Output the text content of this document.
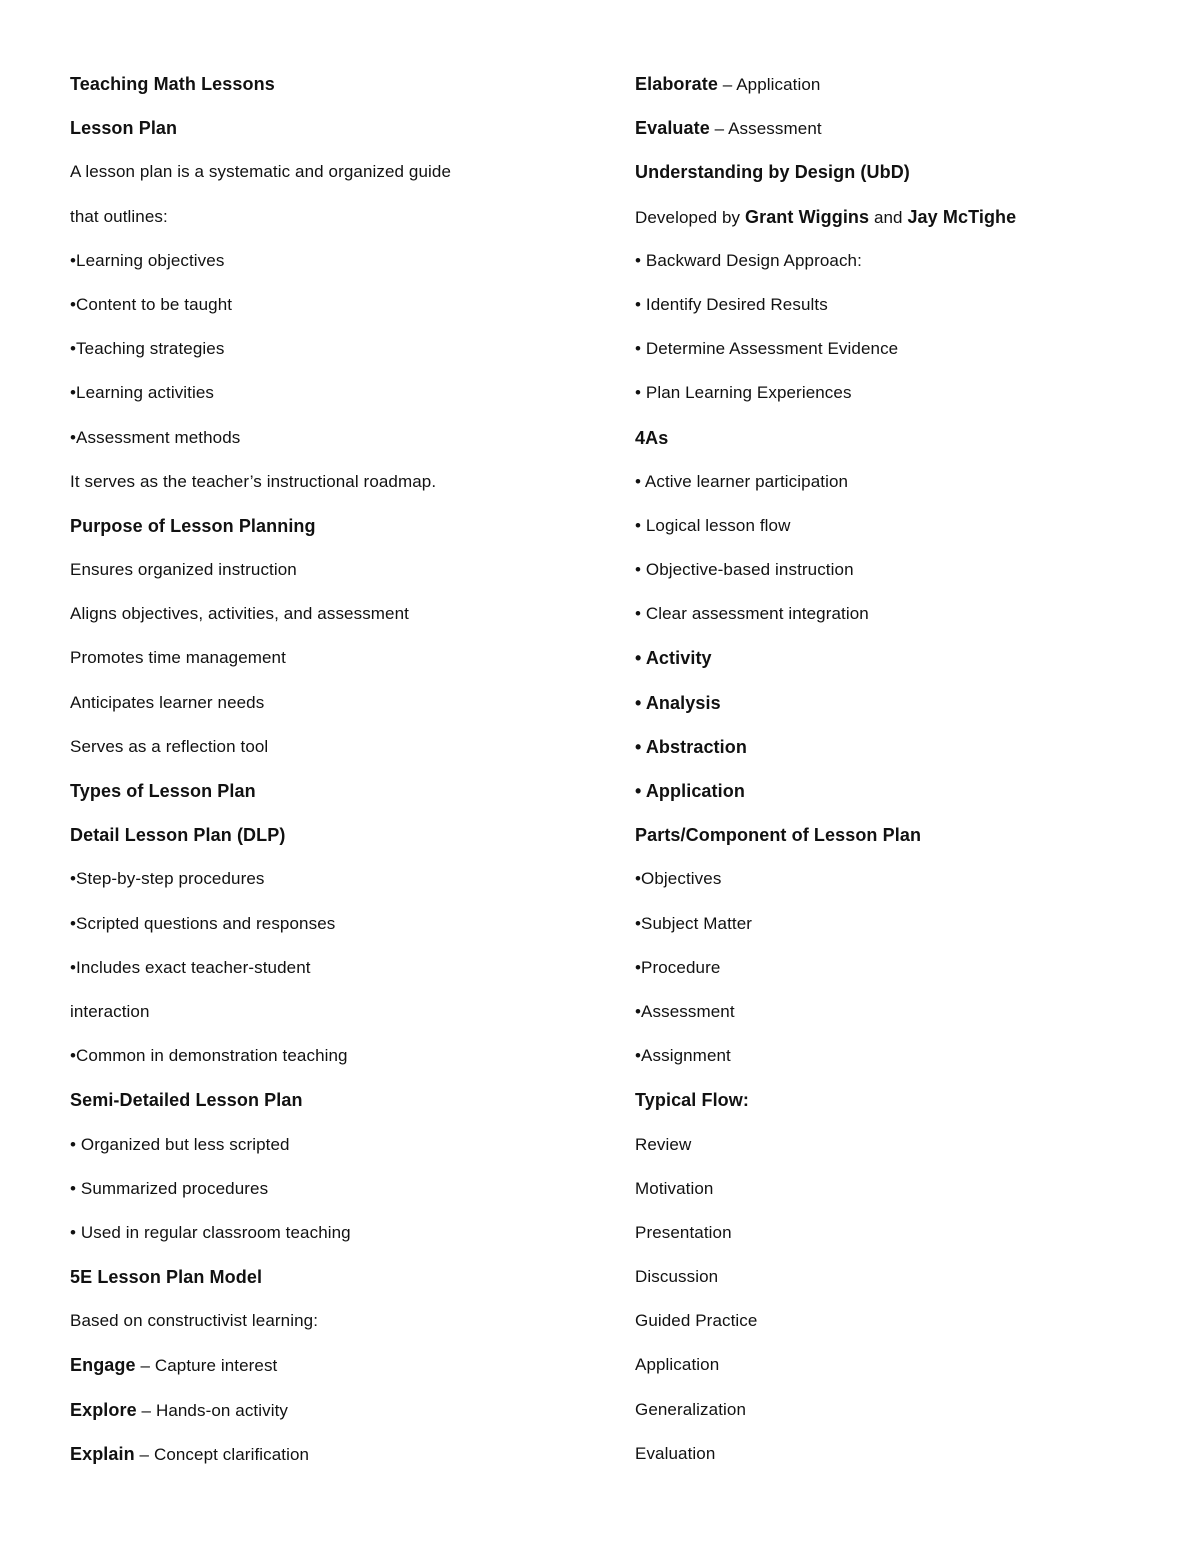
Teaching Math Lessons
Lesson Plan
A lesson plan is a systematic and organized guide
that outlines:
•Learning objectives
•Content to be taught
•Teaching strategies
•Learning activities
•Assessment methods
It serves as the teacher’s instructional roadmap.
Purpose of Lesson Planning
Ensures organized instruction
Aligns objectives, activities, and assessment
Promotes time management
Anticipates learner needs
Serves as a reflection tool
Types of Lesson Plan
Detail Lesson Plan (DLP)
•Step-by-step procedures
•Scripted questions and responses
•Includes exact teacher-student
interaction
•Common in demonstration teaching
Semi-Detailed Lesson Plan
• Organized but less scripted
• Summarized procedures
• Used in regular classroom teaching
5E Lesson Plan Model
Based on constructivist learning:
Engage – Capture interest
Explore – Hands-on activity
Explain – Concept clarification
Elaborate – Application
Evaluate – Assessment
Understanding by Design (UbD)
Developed by Grant Wiggins and Jay McTighe
• Backward Design Approach:
• Identify Desired Results
• Determine Assessment Evidence
• Plan Learning Experiences
4As
• Active learner participation
• Logical lesson flow
• Objective-based instruction
• Clear assessment integration
• Activity
• Analysis
• Abstraction
• Application
Parts/Component of Lesson Plan
•Objectives
•Subject Matter
•Procedure
•Assessment
•Assignment
Typical Flow:
Review
Motivation
Presentation
Discussion
Guided Practice
Application
Generalization
Evaluation
